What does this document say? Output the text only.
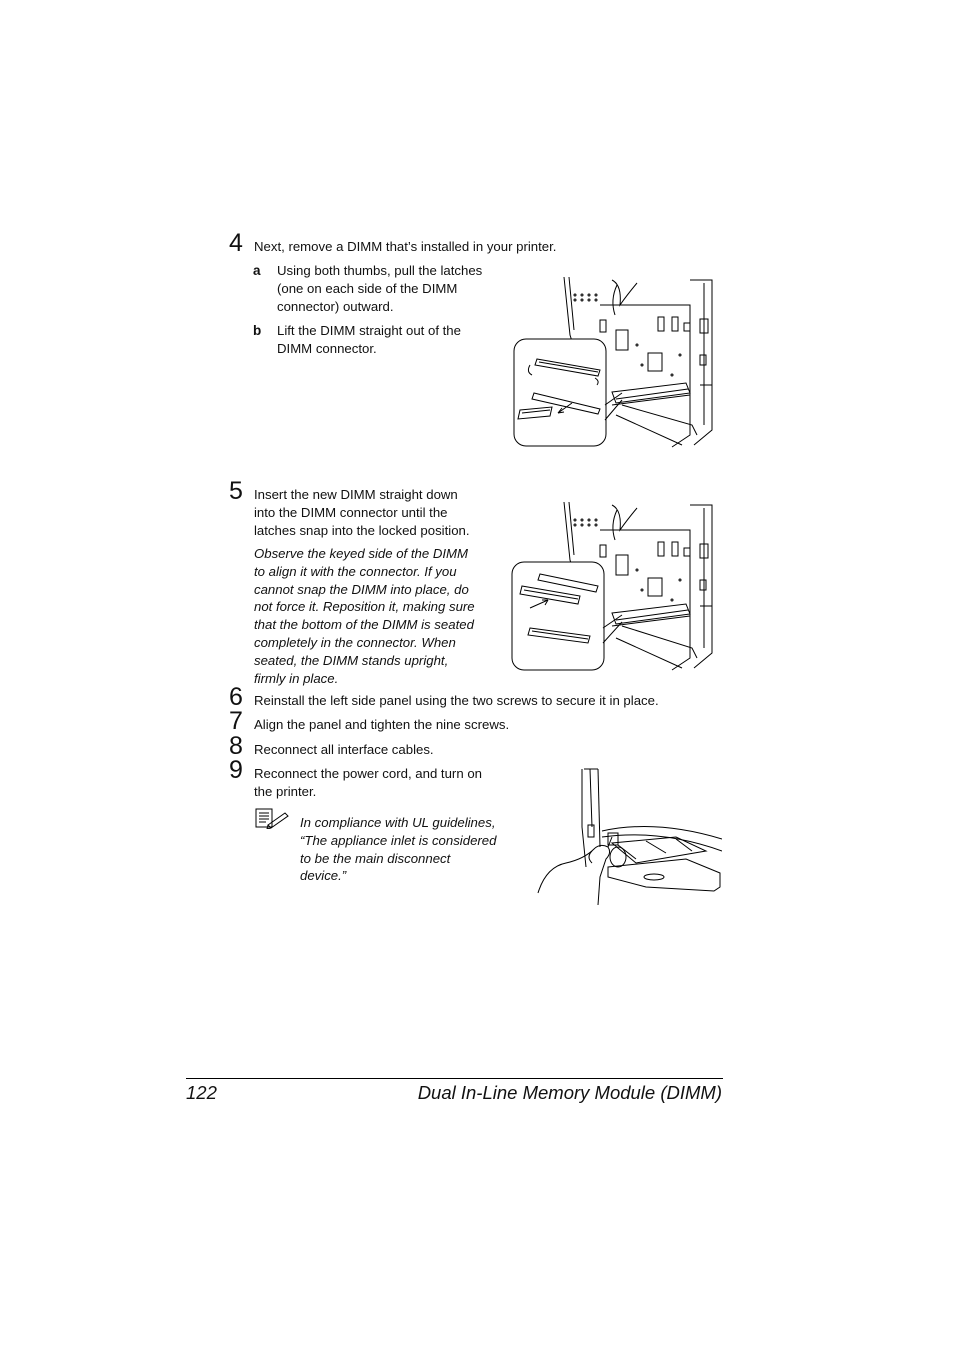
4 Next, remove a DIMM that’s installed in your printer.
a Using both thumbs, pull the latches
(one on each side of the DIMM
connector) outward.
b Lift the DIMM straight out of the
DIMM connector.
5 Insert the new DIMM straight down
into the DIMM connector until the
latches snap into the locked position.
Observe the keyed side of the DIMM
to align it with the connector. If you
cannot snap the DIMM into place, do
not force it. Reposition it, making sure
that the bottom of the DIMM is seated
completely in the connector. When
seated, the DIMM stands upright,
firmly in place.
6 Reinstall the left side panel using the two screws to secure it in place.
7 Align the panel and tighten the nine screws.
8 Reconnect all interface cables.
9 Reconnect the power cord, and turn on
the printer.
In compliance with UL guidelines,
“The appliance inlet is considered
to be the main disconnect
device.”
122	Dual In-Line Memory Module (DIMM)
